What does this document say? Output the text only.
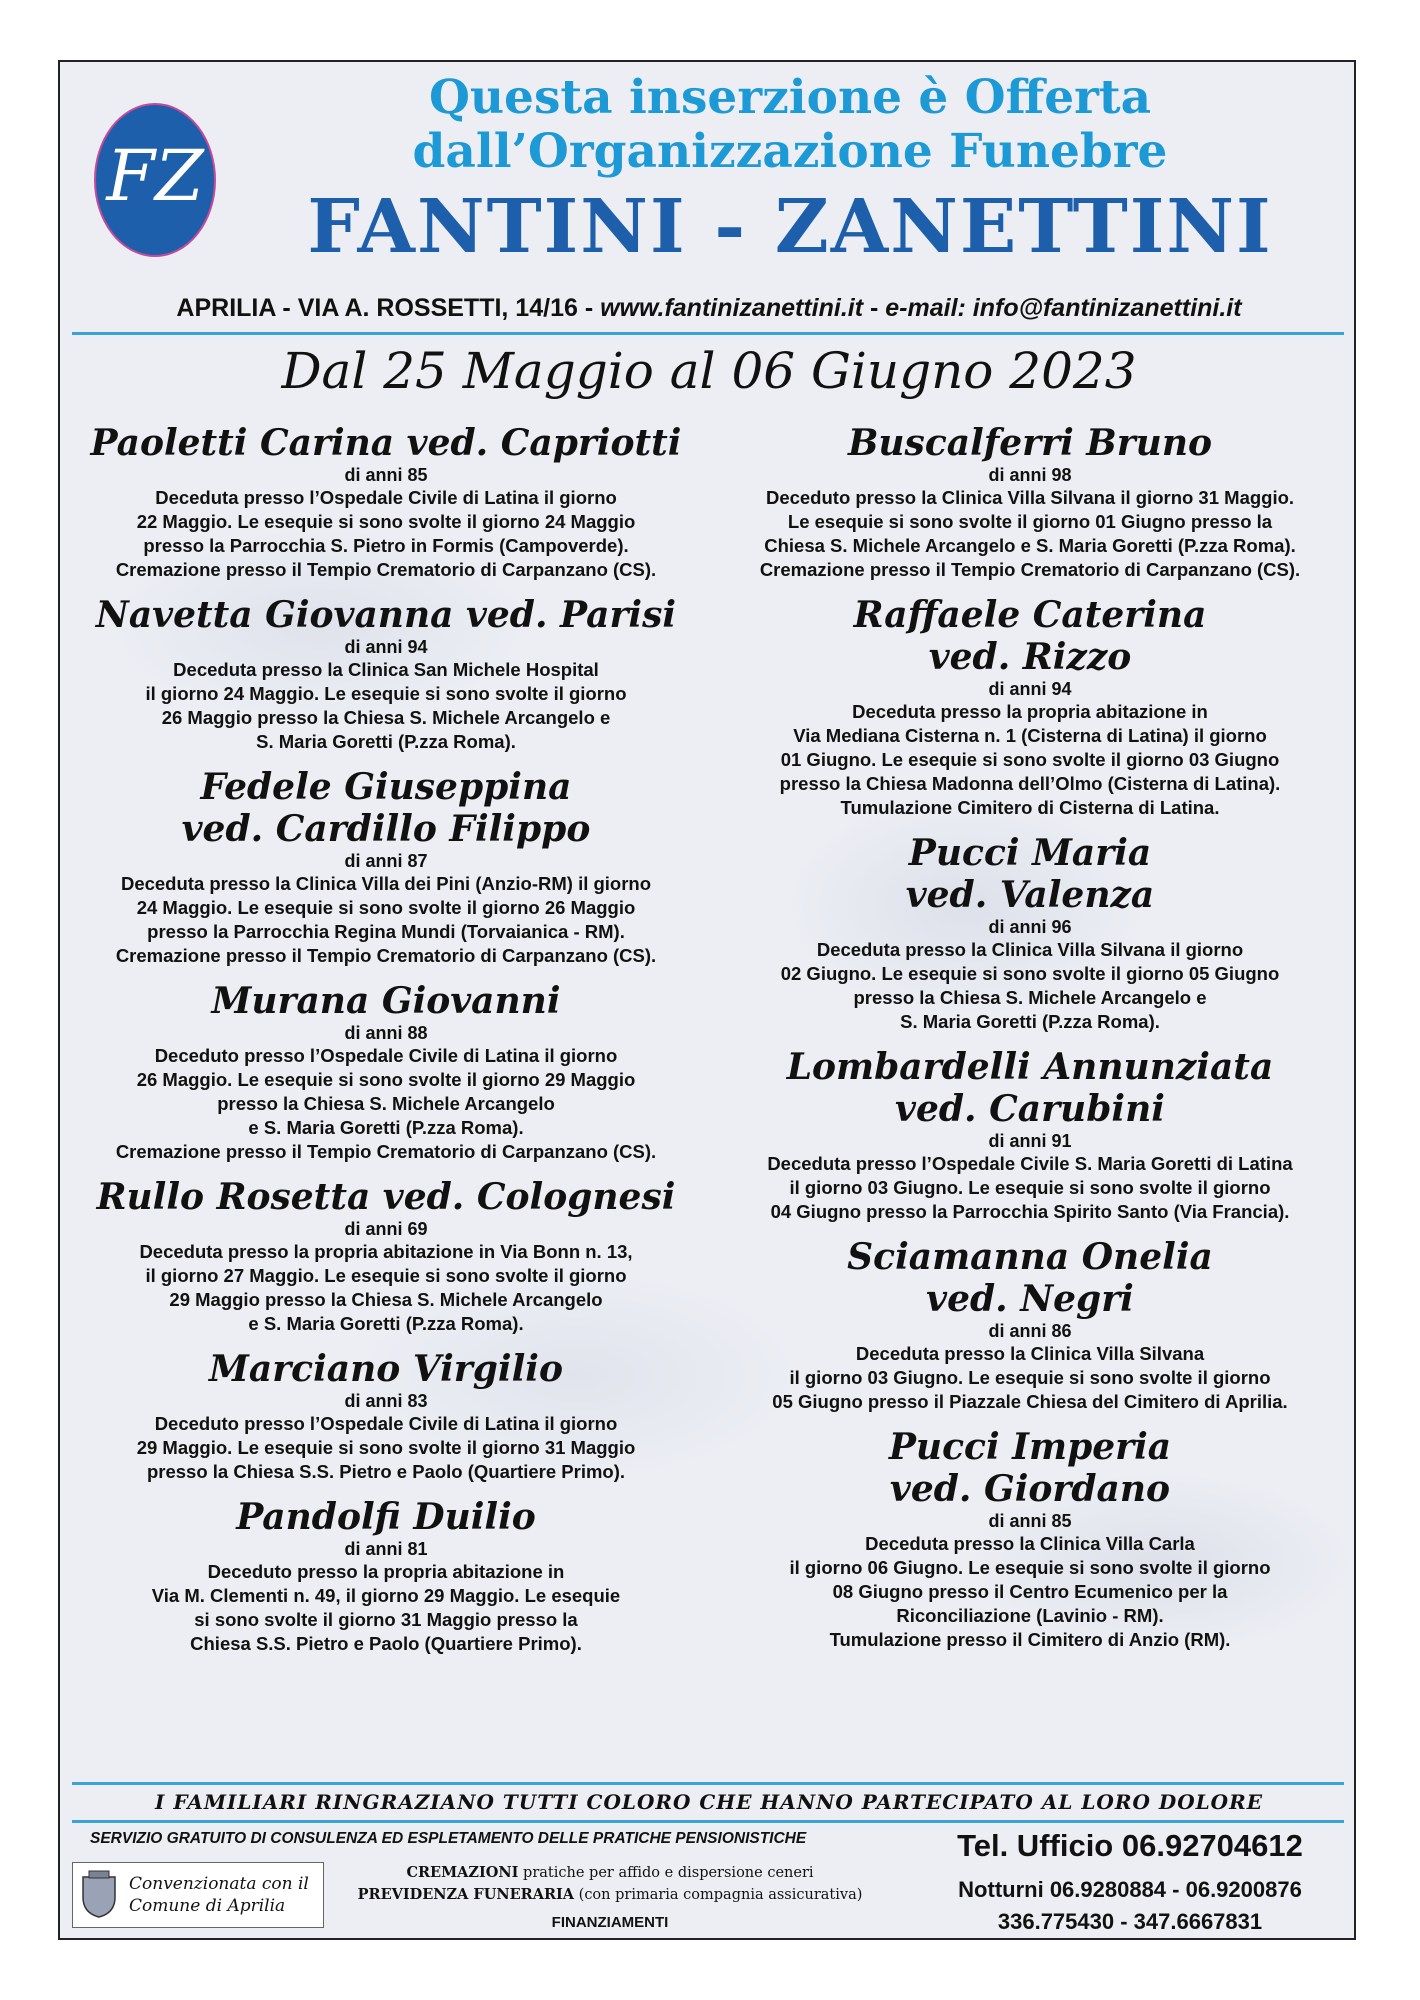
FZ
Questa inserzione è Offerta
dall’Organizzazione Funebre
FANTINI - ZANETTINI
APRILIA - VIA A. ROSSETTI, 14/16 - www.fantinizanettini.it - e-mail: info@fantinizanettini.it
Dal 25 Maggio al 06 Giugno 2023
Paoletti Carina ved. Capriotti
di anni 85
Deceduta presso l’Ospedale Civile di Latina il giorno
22 Maggio. Le esequie si sono svolte il giorno 24 Maggio
presso la Parrocchia S. Pietro in Formis (Campoverde).
Cremazione presso il Tempio Crematorio di Carpanzano (CS).
Navetta Giovanna ved. Parisi
di anni 94
Deceduta presso la Clinica San Michele Hospital
il giorno 24 Maggio. Le esequie si sono svolte il giorno
26 Maggio presso la Chiesa S. Michele Arcangelo e
S. Maria Goretti (P.zza Roma).
Fedele Giuseppina
ved. Cardillo Filippo
di anni 87
Deceduta presso la Clinica Villa dei Pini (Anzio-RM) il giorno
24 Maggio. Le esequie si sono svolte il giorno 26 Maggio
presso la Parrocchia Regina Mundi (Torvaianica - RM).
Cremazione presso il Tempio Crematorio di Carpanzano (CS).
Murana Giovanni
di anni 88
Deceduto presso l’Ospedale Civile di Latina il giorno
26 Maggio. Le esequie si sono svolte il giorno 29 Maggio
presso la Chiesa S. Michele Arcangelo
e S. Maria Goretti (P.zza Roma).
Cremazione presso il Tempio Crematorio di Carpanzano (CS).
Rullo Rosetta ved. Colognesi
di anni 69
Deceduta presso la propria abitazione in Via Bonn n. 13,
il giorno 27 Maggio. Le esequie si sono svolte il giorno
29 Maggio presso la Chiesa S. Michele Arcangelo
e S. Maria Goretti (P.zza Roma).
Marciano Virgilio
di anni 83
Deceduto presso l’Ospedale Civile di Latina il giorno
29 Maggio. Le esequie si sono svolte il giorno 31 Maggio
presso la Chiesa S.S. Pietro e Paolo (Quartiere Primo).
Pandolfi Duilio
di anni 81
Deceduto presso la propria abitazione in
Via M. Clementi n. 49, il giorno 29 Maggio. Le esequie
si sono svolte il giorno 31 Maggio presso la
Chiesa S.S. Pietro e Paolo (Quartiere Primo).
Buscalferri Bruno
di anni 98
Deceduto presso la Clinica Villa Silvana il giorno 31 Maggio.
Le esequie si sono svolte il giorno 01 Giugno presso la
Chiesa S. Michele Arcangelo e S. Maria Goretti (P.zza Roma).
Cremazione presso il Tempio Crematorio di Carpanzano (CS).
Raffaele Caterina
ved. Rizzo
di anni 94
Deceduta presso la propria abitazione in
Via Mediana Cisterna n. 1 (Cisterna di Latina) il giorno
01 Giugno. Le esequie si sono svolte il giorno 03 Giugno
presso la Chiesa Madonna dell’Olmo (Cisterna di Latina).
Tumulazione Cimitero di Cisterna di Latina.
Pucci Maria
ved. Valenza
di anni 96
Deceduta presso la Clinica Villa Silvana il giorno
02 Giugno. Le esequie si sono svolte il giorno 05 Giugno
presso la Chiesa S. Michele Arcangelo e
S. Maria Goretti (P.zza Roma).
Lombardelli Annunziata
ved. Carubini
di anni 91
Deceduta presso l’Ospedale Civile S. Maria Goretti di Latina
il giorno 03 Giugno. Le esequie si sono svolte il giorno
04 Giugno presso la Parrocchia Spirito Santo (Via Francia).
Sciamanna Onelia
ved. Negri
di anni 86
Deceduta presso la Clinica Villa Silvana
il giorno 03 Giugno. Le esequie si sono svolte il giorno
05 Giugno presso il Piazzale Chiesa del Cimitero di Aprilia.
Pucci Imperia
ved. Giordano
di anni 85
Deceduta presso la Clinica Villa Carla
il giorno 06 Giugno. Le esequie si sono svolte il giorno
08 Giugno presso il Centro Ecumenico per la
Riconciliazione (Lavinio - RM).
Tumulazione presso il Cimitero di Anzio (RM).
I FAMILIARI RINGRAZIANO TUTTI COLORO CHE HANNO PARTECIPATO AL LORO DOLORE
SERVIZIO GRATUITO DI CONSULENZA ED ESPLETAMENTO DELLE PRATICHE PENSIONISTICHE
Convenzionata con il
Comune di Aprilia
CREMAZIONI pratiche per affido e dispersione ceneri
PREVIDENZA FUNERARIA (con primaria compagnia assicurativa)
FINANZIAMENTI
Tel. Ufficio 06.92704612
Notturni 06.9280884 - 06.9200876
336.775430 - 347.6667831
